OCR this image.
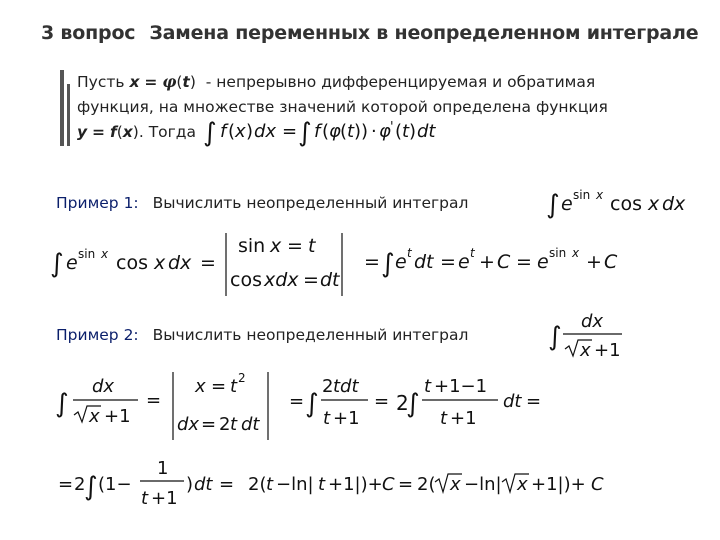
3 вопрос Замена переменных в неопределенном интеграле
Пусть x = φ(t)  - непрерывно дифференцируемая и обратимая
функция, на множестве значений которой определена функция
y = f(x). Тогда
Пример 1: Вычислить неопределенный интеграл
Пример 2: Вычислить неопределенный интеграл
∫ f ( x ) dx = ∫ f ( φ ( t )) · φ ' ( t ) dt
∫ e sin x cos x dx
∫ e sin x cos x dx =
sin x = t
cos xdx = dt
= ∫ e t dt = e t + C = e sin x + C
∫
dx
x +1
∫
dx
x +1
=
x = t 2
dx = 2 t dt
= ∫
2 tdt
t +1
= 2
∫
t +1−1
t +1
dt =
= 2
∫ (1−
1
t +1
) dt = 2( t −ln| t +1|)+ C = 2( x −ln| x +1|)+ C
